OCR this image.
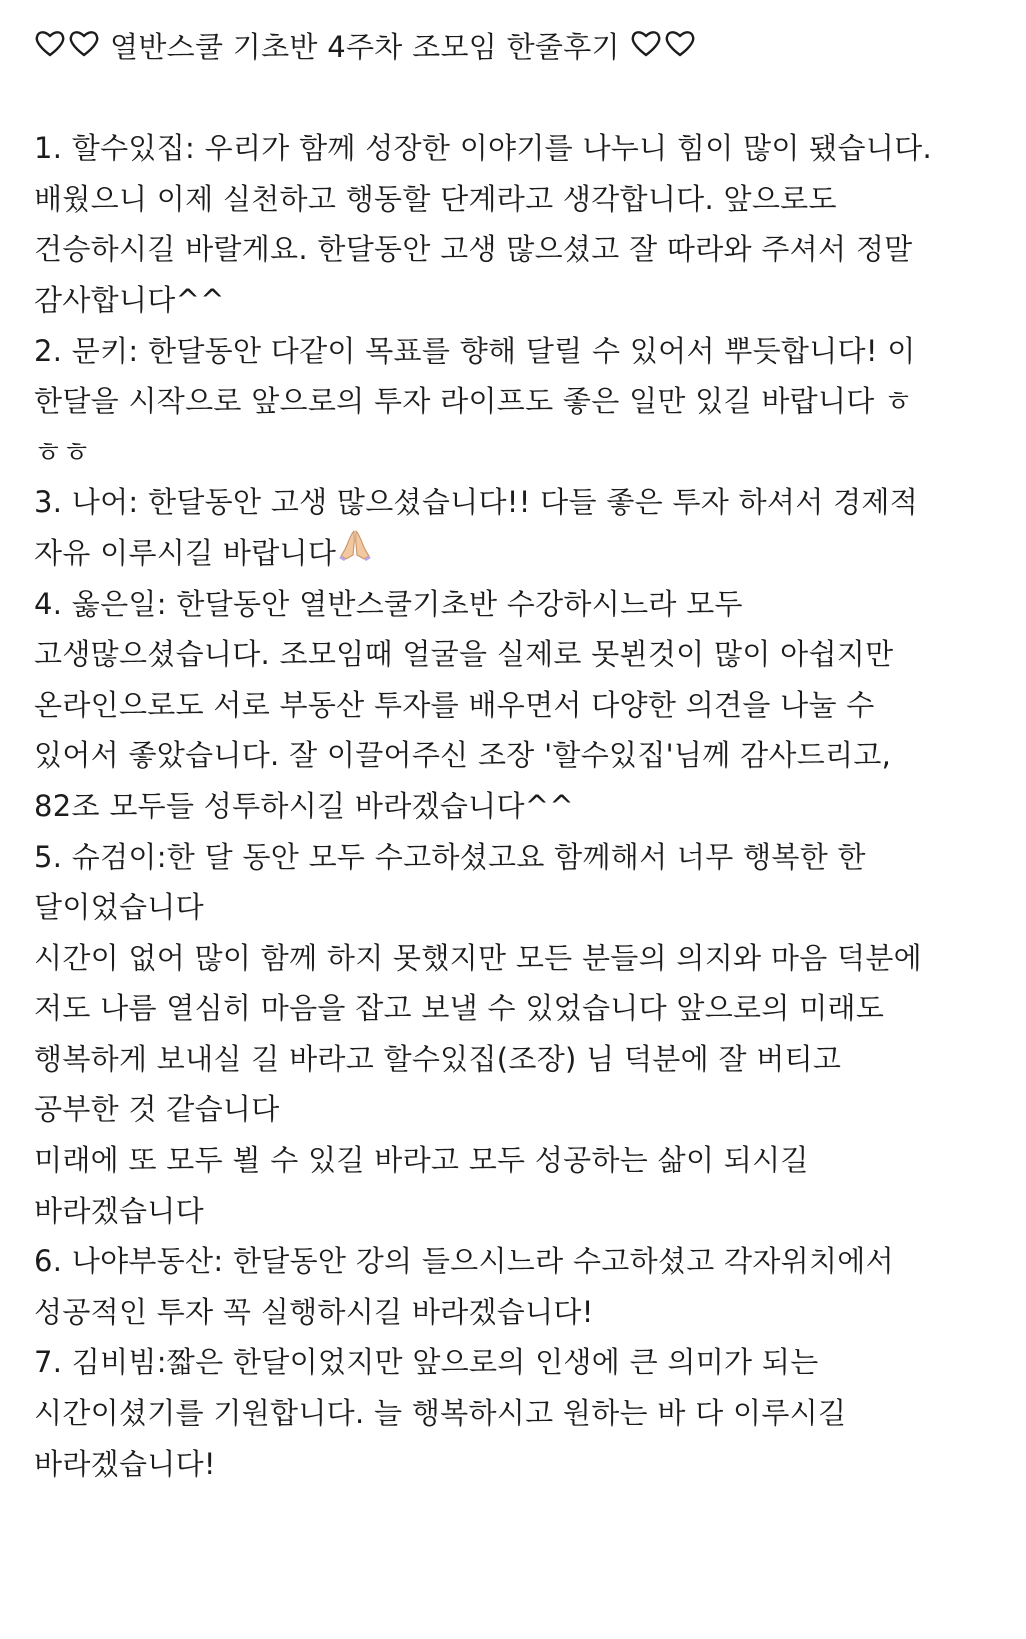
열반스쿨 기초반 4주차 조모임 한줄후기
1. 할수있집: 우리가 함께 성장한 이야기를 나누니 힘이 많이 됐습니다.
배웠으니 이제 실천하고 행동할 단계라고 생각합니다. 앞으로도
건승하시길 바랄게요. 한달동안 고생 많으셨고 잘 따라와 주셔서 정말
감사합니다^^
2. 문키: 한달동안 다같이 목표를 향해 달릴 수 있어서 뿌듯합니다! 이
한달을 시작으로 앞으로의 투자 라이프도 좋은 일만 있길 바랍니다 ㅎ
ㅎㅎ
3. 나어: 한달동안 고생 많으셨습니다!! 다들 좋은 투자 하셔서 경제적
자유 이루시길 바랍니다
4. 옳은일: 한달동안 열반스쿨기초반 수강하시느라 모두
고생많으셨습니다. 조모임때 얼굴을 실제로 못뵌것이 많이 아쉽지만
온라인으로도 서로 부동산 투자를 배우면서 다양한 의견을 나눌 수
있어서 좋았습니다. 잘 이끌어주신 조장 '할수있집'님께 감사드리고,
82조 모두들 성투하시길 바라겠습니다^^
5. 슈검이:한 달 동안 모두 수고하셨고요 함께해서 너무 행복한 한
달이었습니다
시간이 없어 많이 함께 하지 못했지만 모든 분들의 의지와 마음 덕분에
저도 나름 열심히 마음을 잡고 보낼 수 있었습니다 앞으로의 미래도
행복하게 보내실 길 바라고 할수있집(조장) 님 덕분에 잘 버티고
공부한 것 같습니다
미래에 또 모두 뵐 수 있길 바라고 모두 성공하는 삶이 되시길
바라겠습니다
6. 나야부동산: 한달동안 강의 들으시느라 수고하셨고 각자위치에서
성공적인 투자 꼭 실행하시길 바라겠습니다!
7. 김비빔:짧은 한달이었지만 앞으로의 인생에 큰 의미가 되는
시간이셨기를 기원합니다. 늘 행복하시고 원하는 바 다 이루시길
바라겠습니다!
